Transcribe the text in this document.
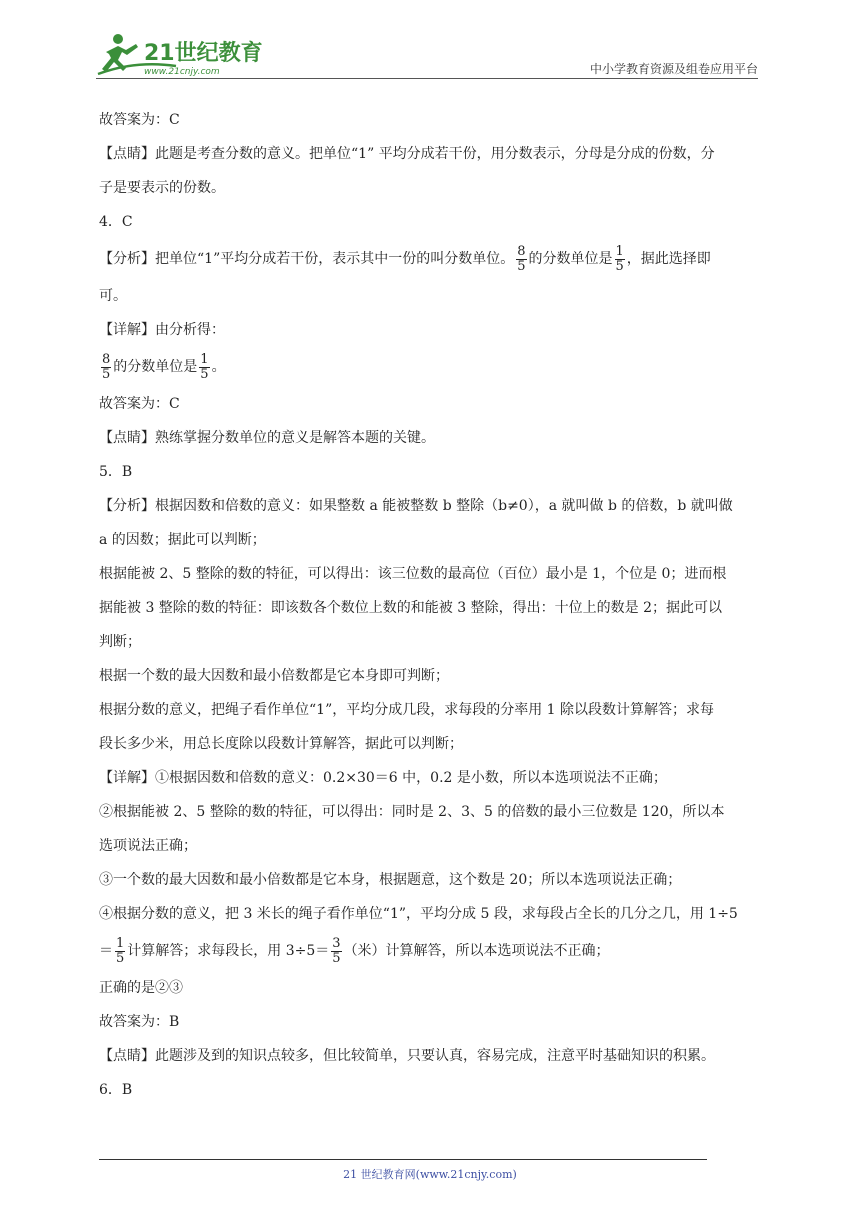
21世纪教育
www.21cnjy.com	中小学教育资源及组卷应用平台
故答案为：C
【点睛】此题是考查分数的意义。把单位“1” 平均分成若干份，用分数表示，分母是分成的份数，分
子是要表示的份数。
4．C
【分析】把单位“1”平均分成若干份，表示其中一份的叫分数单位。 $\frac{8}{5}$ 的分数单位是 $\frac{1}{5}$ ，据此选择即
可。
【详解】由分析得：
$\frac{8}{5}$ 的分数单位是 $\frac{1}{5}$ 。
故答案为：C
【点睛】熟练掌握分数单位的意义是解答本题的关键。
5．B
【分析】根据因数和倍数的意义：如果整数 a 能被整数 b 整除（b≠0），a 就叫做 b 的倍数，b 就叫做
a 的因数；据此可以判断；
根据能被 2、5 整除的数的特征，可以得出：该三位数的最高位（百位）最小是 1，个位是 0；进而根
据能被 3 整除的数的特征：即该数各个数位上数的和能被 3 整除，得出：十位上的数是 2；据此可以
判断；
根据一个数的最大因数和最小倍数都是它本身即可判断；
根据分数的意义，把绳子看作单位“1”，平均分成几段，求每段的分率用 1 除以段数计算解答；求每
段长多少米，用总长度除以段数计算解答，据此可以判断；
【详解】①根据因数和倍数的意义：0.2×30＝6 中，0.2 是小数，所以本选项说法不正确；
②根据能被 2、5 整除的数的特征，可以得出：同时是 2、3、5 的倍数的最小三位数是 120，所以本
选项说法正确；
③一个数的最大因数和最小倍数都是它本身，根据题意，这个数是 20；所以本选项说法正确；
④根据分数的意义，把 3 米长的绳子看作单位“1”，平均分成 5 段，求每段占全长的几分之几，用 1÷5
＝ $\frac{1}{5}$ 计算解答；求每段长，用 $3\div 5= \frac{3}{5}$ （米）计算解答，所以本选项说法不正确；
正确的是②③
故答案为：B
【点睛】此题涉及到的知识点较多，但比较简单，只要认真，容易完成，注意平时基础知识的积累。
6．B
21 世纪教育网(www.21cnjy.com)
